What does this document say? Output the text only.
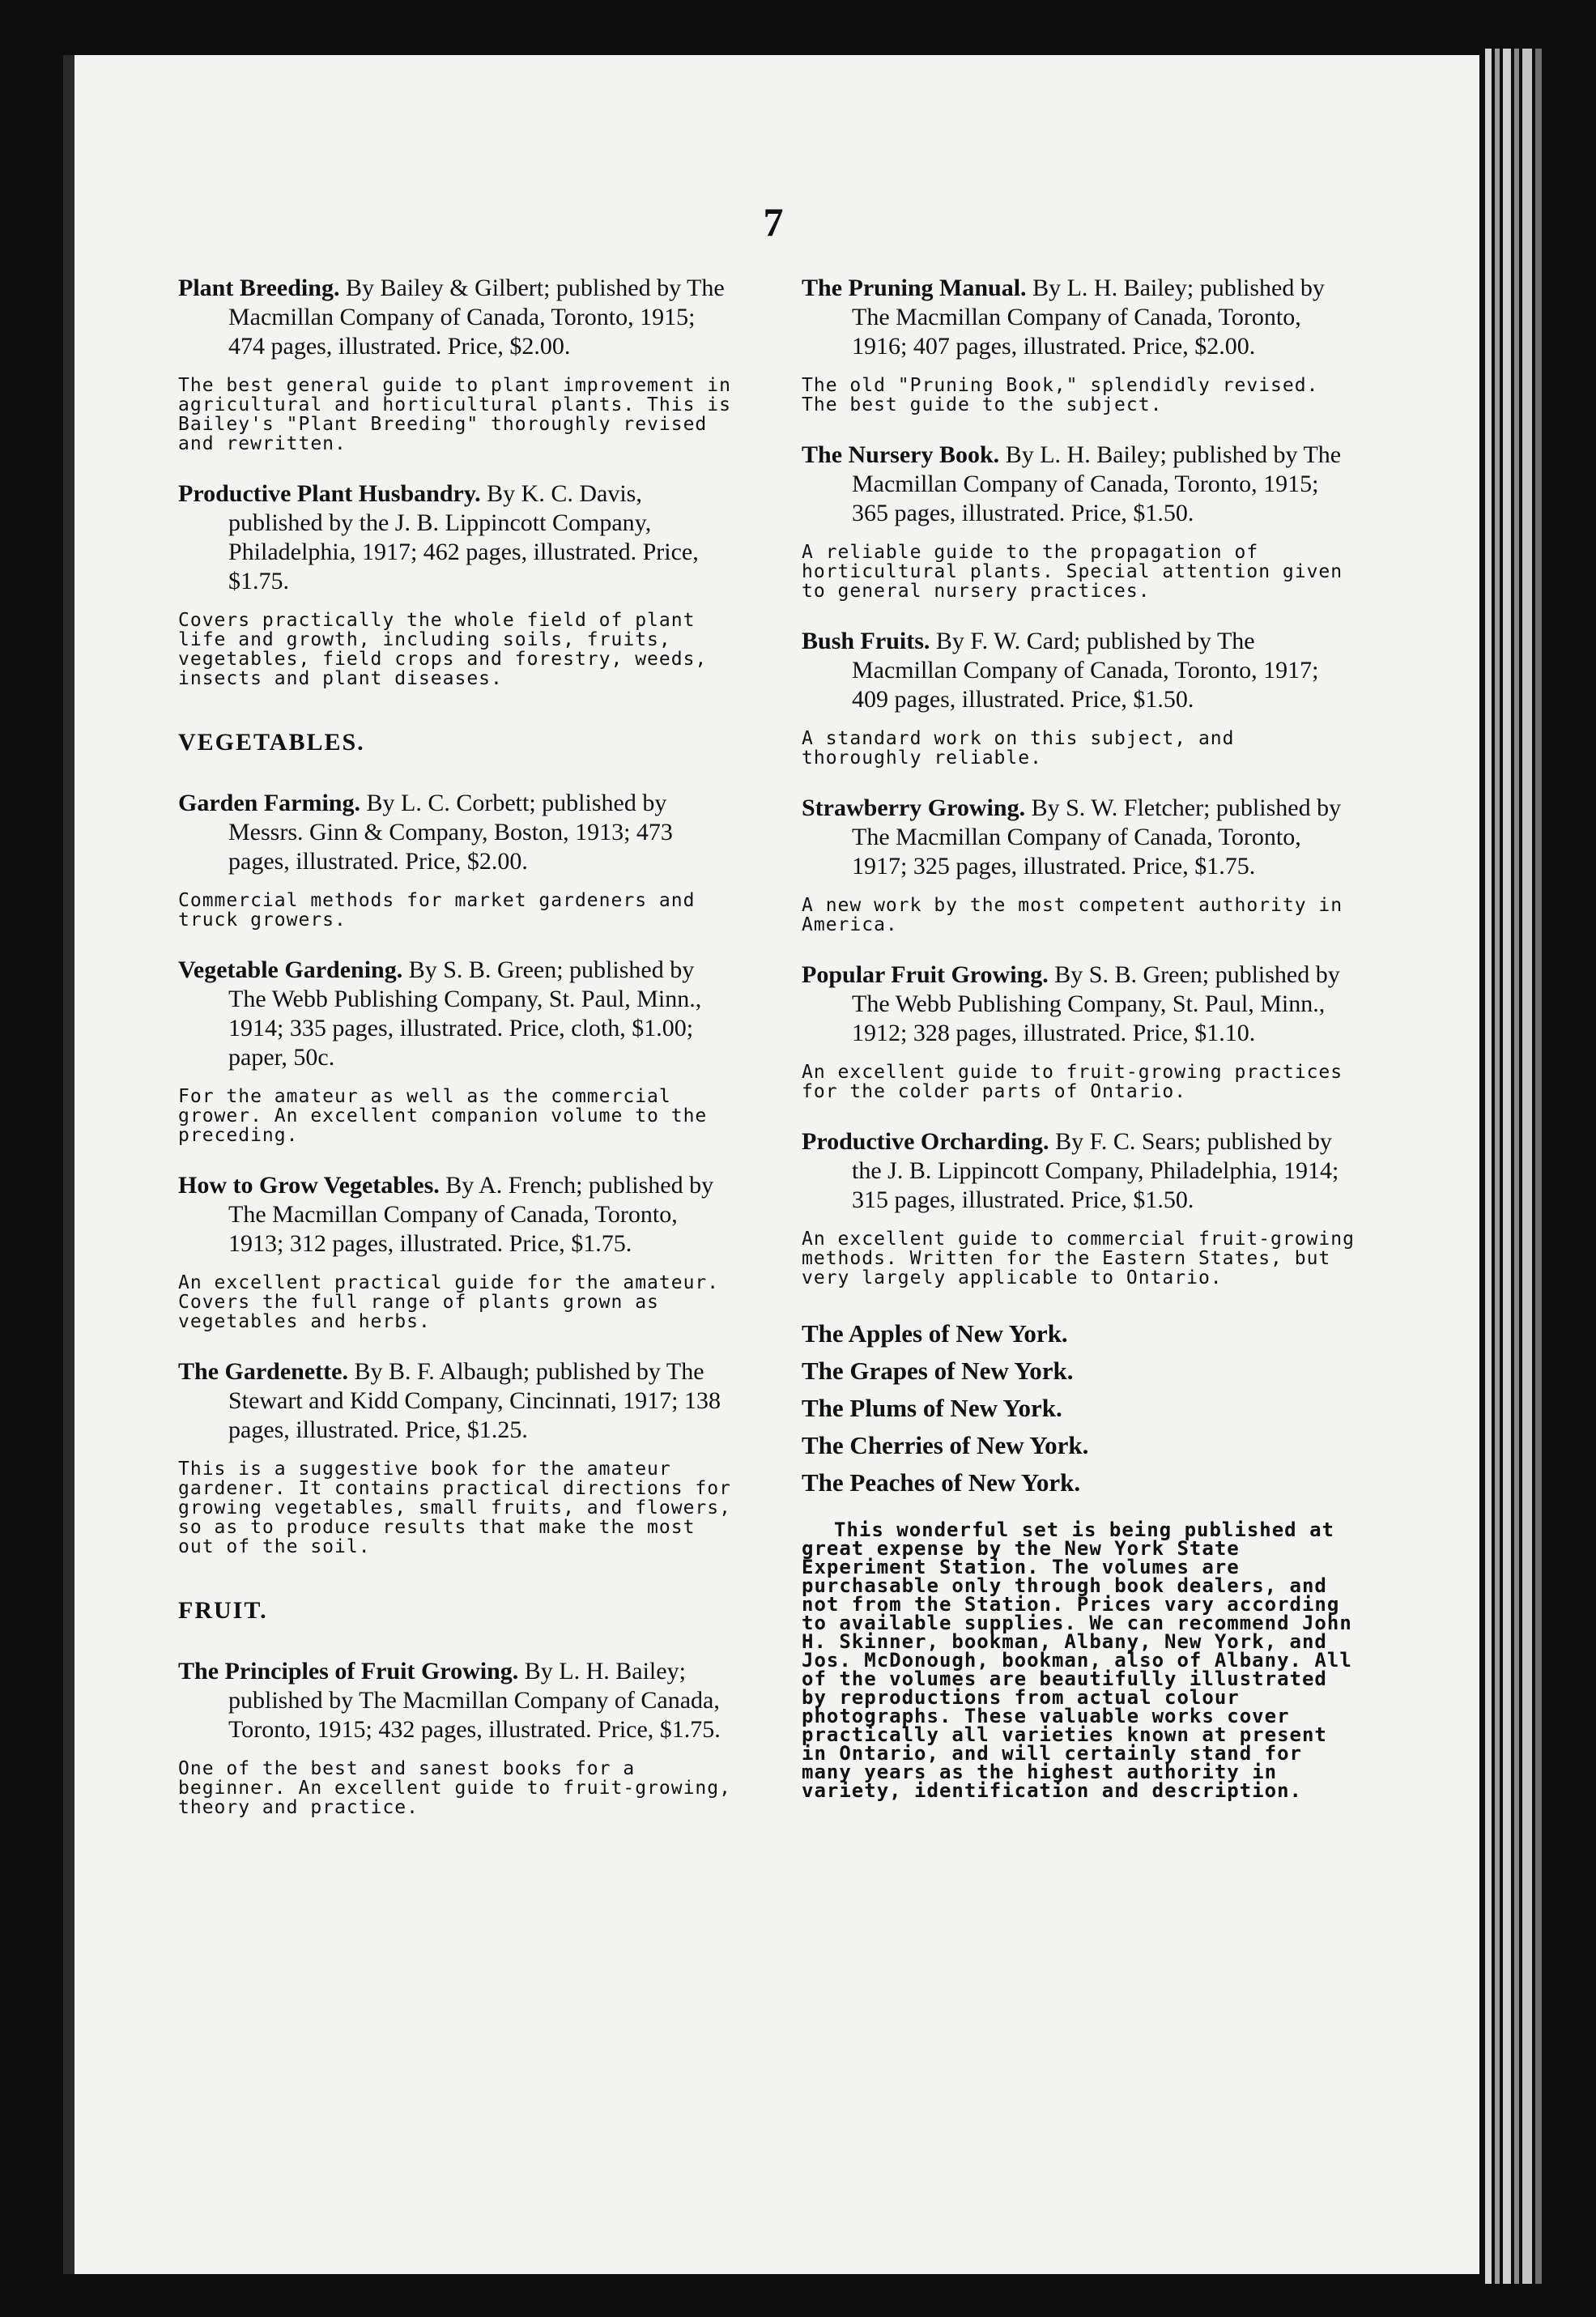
7

Plant Breeding. By Bailey & Gilbert; published by The Macmillan Company of Canada, Toronto, 1915; 474 pages, illustrated. Price, $2.00.

The best general guide to plant improvement in agricultural and horticultural plants. This is Bailey's "Plant Breeding" thoroughly revised and rewritten.

Productive Plant Husbandry. By K. C. Davis, published by the J. B. Lippincott Company, Philadelphia, 1917; 462 pages, illustrated. Price, $1.75.

Covers practically the whole field of plant life and growth, including soils, fruits, vegetables, field crops and forestry, weeds, insects and plant diseases.

VEGETABLES.

Garden Farming. By L. C. Corbett; published by Messrs. Ginn & Company, Boston, 1913; 473 pages, illustrated. Price, $2.00.

Commercial methods for market gardeners and truck growers.

Vegetable Gardening. By S. B. Green; published by The Webb Publishing Company, St. Paul, Minn., 1914; 335 pages, illustrated. Price, cloth, $1.00; paper, 50c.

For the amateur as well as the commercial grower. An excellent companion volume to the preceding.

How to Grow Vegetables. By A. French; published by The Macmillan Company of Canada, Toronto, 1913; 312 pages, illustrated. Price, $1.75.

An excellent practical guide for the amateur. Covers the full range of plants grown as vegetables and herbs.

The Gardenette. By B. F. Albaugh; published by The Stewart and Kidd Company, Cincinnati, 1917; 138 pages, illustrated. Price, $1.25.

This is a suggestive book for the amateur gardener. It contains practical directions for growing vegetables, small fruits, and flowers, so as to produce results that make the most out of the soil.

FRUIT.

The Principles of Fruit Growing. By L. H. Bailey; published by The Macmillan Company of Canada, Toronto, 1915; 432 pages, illustrated. Price, $1.75.

One of the best and sanest books for a beginner. An excellent guide to fruit-growing, theory and practice.

The Pruning Manual. By L. H. Bailey; published by The Macmillan Company of Canada, Toronto, 1916; 407 pages, illustrated. Price, $2.00.

The old "Pruning Book," splendidly revised. The best guide to the subject.

The Nursery Book. By L. H. Bailey; published by The Macmillan Company of Canada, Toronto, 1915; 365 pages, illustrated. Price, $1.50.

A reliable guide to the propagation of horticultural plants. Special attention given to general nursery practices.

Bush Fruits. By F. W. Card; published by The Macmillan Company of Canada, Toronto, 1917; 409 pages, illustrated. Price, $1.50.

A standard work on this subject, and thoroughly reliable.

Strawberry Growing. By S. W. Fletcher; published by The Macmillan Company of Canada, Toronto, 1917; 325 pages, illustrated. Price, $1.75.

A new work by the most competent authority in America.

Popular Fruit Growing. By S. B. Green; published by The Webb Publishing Company, St. Paul, Minn., 1912; 328 pages, illustrated. Price, $1.10.

An excellent guide to fruit-growing practices for the colder parts of Ontario.

Productive Orcharding. By F. C. Sears; published by the J. B. Lippincott Company, Philadelphia, 1914; 315 pages, illustrated. Price, $1.50.

An excellent guide to commercial fruit-growing methods. Written for the Eastern States, but very largely applicable to Ontario.

The Apples of New York.
The Grapes of New York.
The Plums of New York.
The Cherries of New York.
The Peaches of New York.
This wonderful set is being published at great expense by the New York State Experiment Station. The volumes are purchasable only through book dealers, and not from the Station. Prices vary according to available supplies. We can recommend John H. Skinner, bookman, Albany, New York, and Jos. McDonough, bookman, also of Albany. All of the volumes are beautifully illustrated by reproductions from actual colour photographs. These valuable works cover practically all varieties known at present in Ontario, and will certainly stand for many years as the highest authority in variety, identification and description.
